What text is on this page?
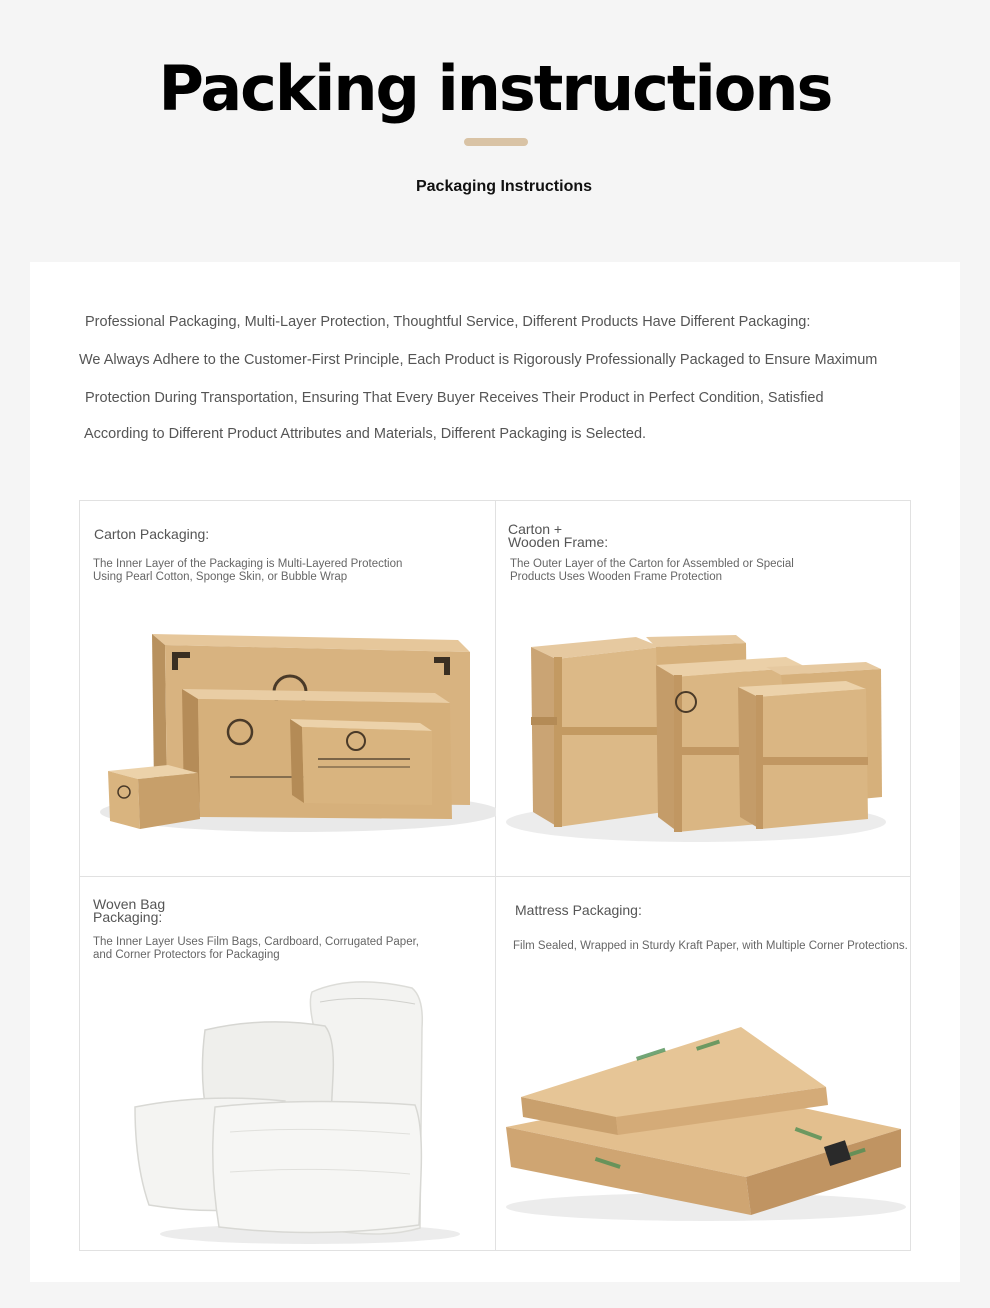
Packing instructions
Packaging Instructions
Professional Packaging, Multi-Layer Protection, Thoughtful Service, Different Products Have Different Packaging:
We Always Adhere to the Customer-First Principle, Each Product is Rigorously Professionally Packaged to Ensure Maximum
Protection During Transportation, Ensuring That Every Buyer Receives Their Product in Perfect Condition, Satisfied
According to Different Product Attributes and Materials, Different Packaging is Selected.
Carton Packaging:
The Inner Layer of the Packaging is Multi-Layered Protection
Using Pearl Cotton, Sponge Skin, or Bubble Wrap
Carton +
Wooden Frame:
The Outer Layer of the Carton for Assembled or Special
Products Uses Wooden Frame Protection
Woven Bag
Packaging:
The Inner Layer Uses Film Bags, Cardboard, Corrugated Paper,
and Corner Protectors for Packaging
Mattress Packaging:
Film Sealed, Wrapped in Sturdy Kraft Paper, with Multiple Corner Protections.
